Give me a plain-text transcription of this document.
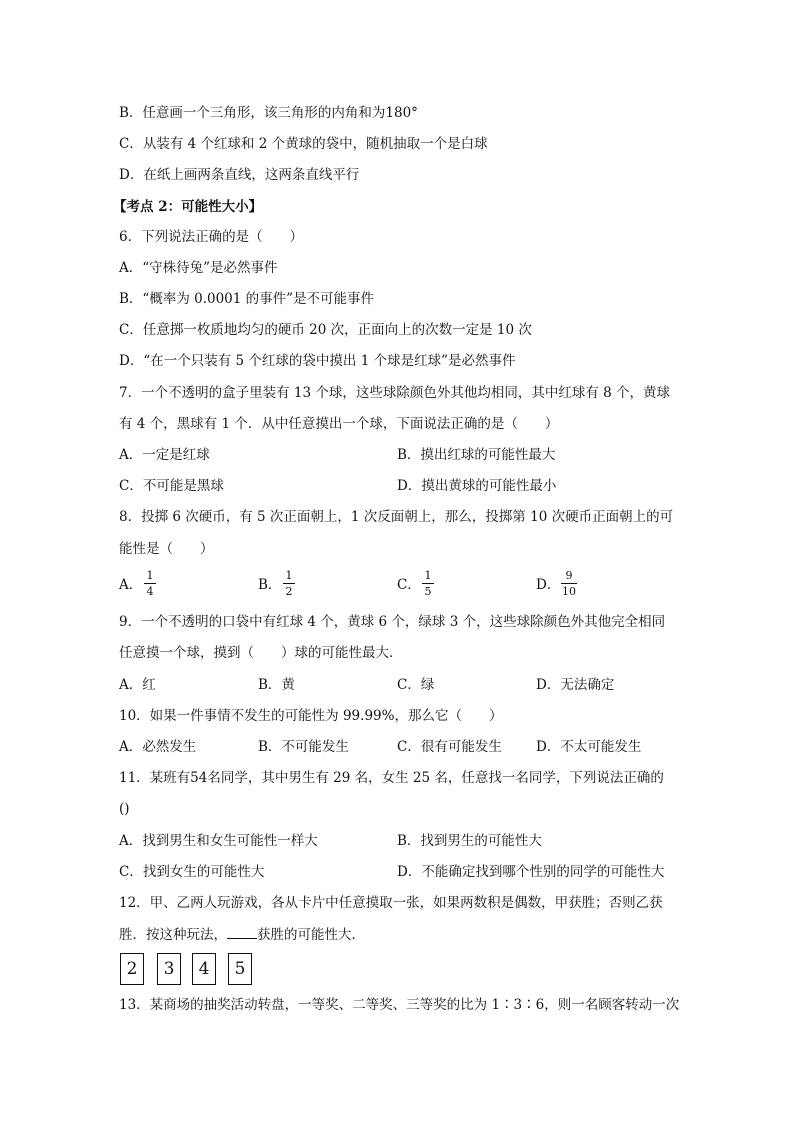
B．任意画一个三角形，该三角形的内角和为180°
C．从装有 4 个红球和 2 个黄球的袋中，随机抽取一个是白球
D．在纸上画两条直线，这两条直线平行
【考点 2：可能性大小】
6．下列说法正确的是（　　）
A．“守株待兔”是必然事件
B．“概率为 0.0001 的事件”是不可能事件
C．任意掷一枚质地均匀的硬币 20 次，正面向上的次数一定是 10 次
D．“在一个只装有 5 个红球的袋中摸出 1 个球是红球”是必然事件
7．一个不透明的盒子里装有 13 个球，这些球除颜色外其他均相同，其中红球有 8 个，黄球
有 4 个，黑球有 1 个．从中任意摸出一个球，下面说法正确的是（　　）
A．一定是红球	B．摸出红球的可能性最大
C．不可能是黑球	D．摸出黄球的可能性最小
8．投掷 6 次硬币，有 5 次正面朝上，1 次反面朝上，那么，投掷第 10 次硬币正面朝上的可
能性是（　　）
A．
1
4	B．
1
2	C．
1
5	D．
9
10
9．一个不透明的口袋中有红球 4 个，黄球 6 个，绿球 3 个，这些球除颜色外其他完全相同
任意摸一个球，摸到（　　）球的可能性最大．
A．红	B．黄	C．绿	D．无法确定
10．如果一件事情不发生的可能性为 99.99%，那么它（　　）
A．必然发生	B．不可能发生	C．很有可能发生	D．不太可能发生
11．某班有54名同学，其中男生有 29 名，女生 25 名，任意找一名同学，下列说法正确的
()
A．找到男生和女生可能性一样大	B．找到男生的可能性大
C．找到女生的可能性大	D．不能确定找到哪个性别的同学的可能性大
12．甲、乙两人玩游戏，各从卡片中任意摸取一张，如果两数积是偶数，甲获胜；否则乙获
胜．按这种玩法， 获胜的可能性大．
2	3	4	5
13．某商场的抽奖活动转盘，一等奖、二等奖、三等奖的比为 1∶3∶6，则一名顾客转动一次
